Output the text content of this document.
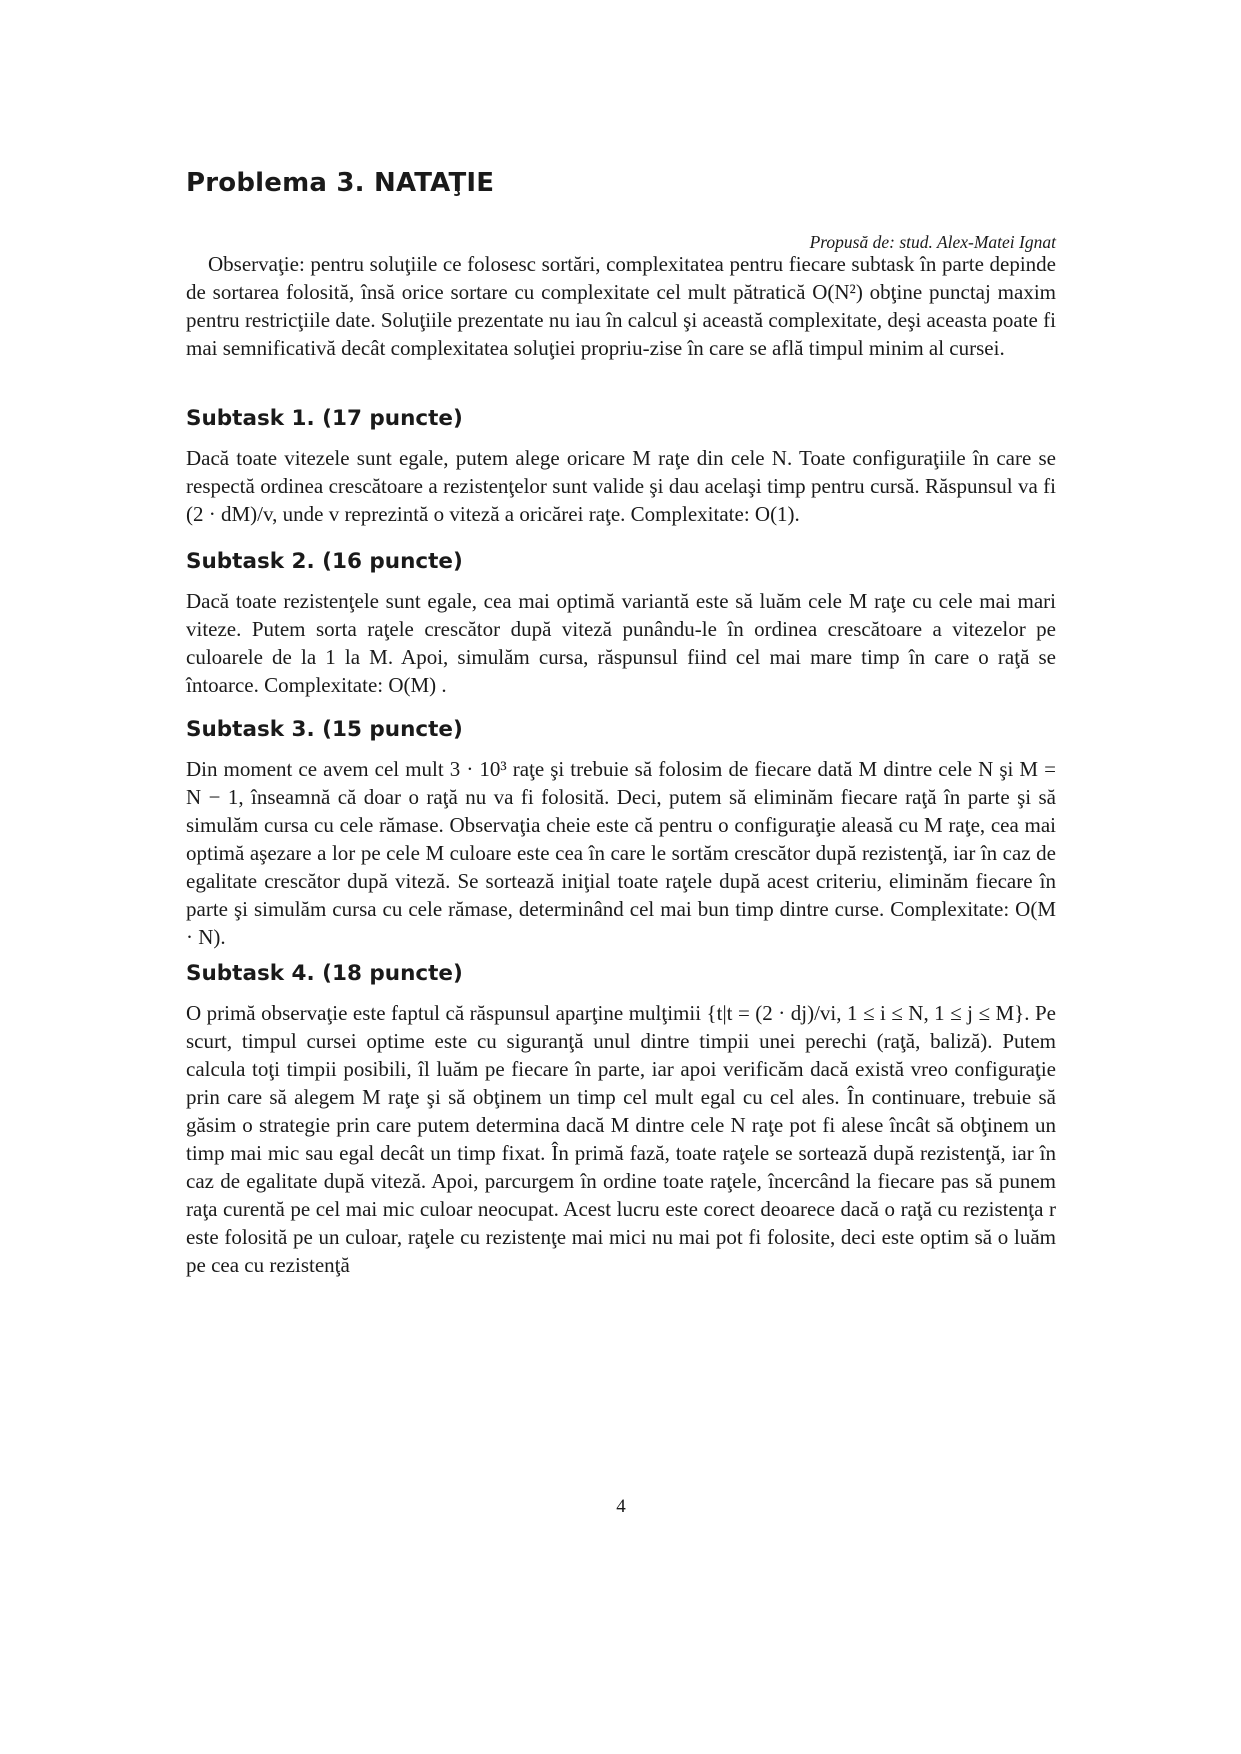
Problema 3. NATAŢIE

Propusă de: stud. Alex-Matei Ignat

Observaţie: pentru soluţiile ce folosesc sortări, complexitatea pentru fiecare subtask în parte depinde de sortarea folosită, însă orice sortare cu complexitate cel mult pătratică O(N²) obţine punctaj maxim pentru restricţiile date. Soluţiile prezentate nu iau în calcul şi această complexitate, deşi aceasta poate fi mai semnificativă decât complexitatea soluţiei propriu-zise în care se află timpul minim al cursei.

Subtask 1. (17 puncte)

Dacă toate vitezele sunt egale, putem alege oricare M raţe din cele N. Toate configuraţiile în care se respectă ordinea crescătoare a rezistenţelor sunt valide şi dau acelaşi timp pentru cursă. Răspunsul va fi (2 · dM)/v, unde v reprezintă o viteză a oricărei raţe. Complexitate: O(1).

Subtask 2. (16 puncte)

Dacă toate rezistenţele sunt egale, cea mai optimă variantă este să luăm cele M raţe cu cele mai mari viteze. Putem sorta raţele crescător după viteză punându-le în ordinea crescătoare a vitezelor pe culoarele de la 1 la M. Apoi, simulăm cursa, răspunsul fiind cel mai mare timp în care o raţă se întoarce. Complexitate: O(M) .

Subtask 3. (15 puncte)

Din moment ce avem cel mult 3 · 10³ raţe şi trebuie să folosim de fiecare dată M dintre cele N şi M = N − 1, înseamnă că doar o raţă nu va fi folosită. Deci, putem să eliminăm fiecare raţă în parte şi să simulăm cursa cu cele rămase. Observaţia cheie este că pentru o configuraţie aleasă cu M raţe, cea mai optimă aşezare a lor pe cele M culoare este cea în care le sortăm crescător după rezistenţă, iar în caz de egalitate crescător după viteză. Se sortează iniţial toate raţele după acest criteriu, eliminăm fiecare în parte şi simulăm cursa cu cele rămase, determinând cel mai bun timp dintre curse. Complexitate: O(M · N).

Subtask 4. (18 puncte)

O primă observaţie este faptul că răspunsul aparţine mulţimii {t|t = (2 · dj)/vi, 1 ≤ i ≤ N, 1 ≤ j ≤ M}. Pe scurt, timpul cursei optime este cu siguranţă unul dintre timpii unei perechi (raţă, baliză). Putem calcula toţi timpii posibili, îl luăm pe fiecare în parte, iar apoi verificăm dacă există vreo configuraţie prin care să alegem M raţe şi să obţinem un timp cel mult egal cu cel ales. În continuare, trebuie să găsim o strategie prin care putem determina dacă M dintre cele N raţe pot fi alese încât să obţinem un timp mai mic sau egal decât un timp fixat. În primă fază, toate raţele se sortează după rezistenţă, iar în caz de egalitate după viteză. Apoi, parcurgem în ordine toate raţele, încercând la fiecare pas să punem raţa curentă pe cel mai mic culoar neocupat. Acest lucru este corect deoarece dacă o raţă cu rezistenţa r este folosită pe un culoar, raţele cu rezistenţe mai mici nu mai pot fi folosite, deci este optim să o luăm pe cea cu rezistenţă

4
